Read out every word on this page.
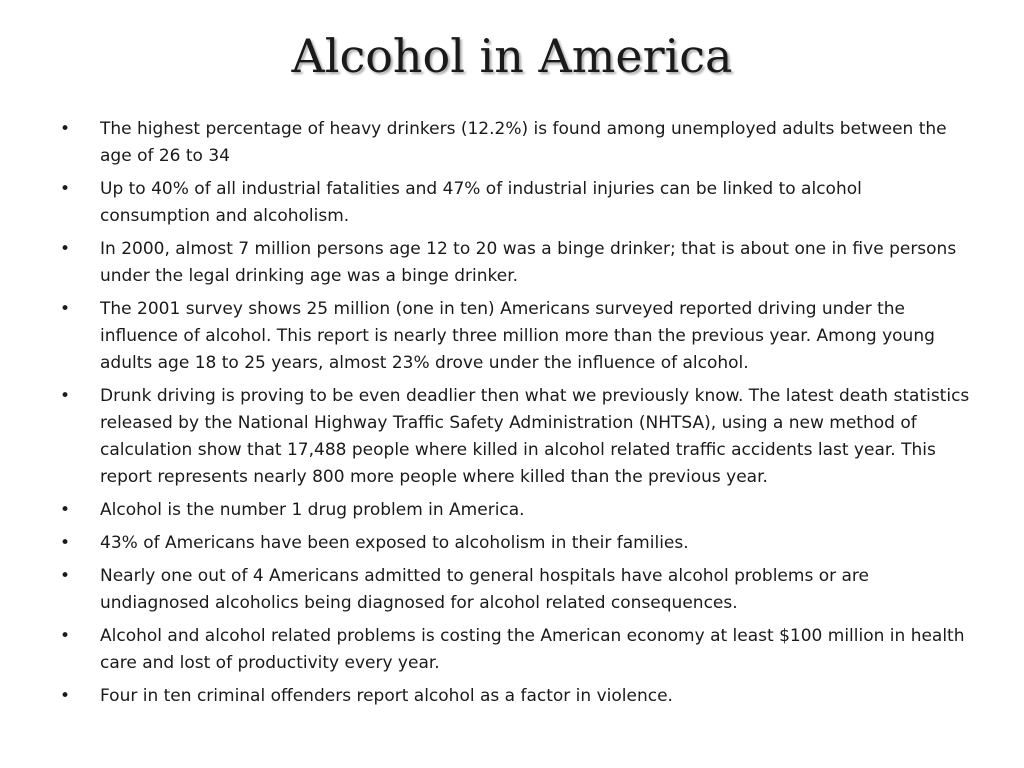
Alcohol in America
• The highest percentage of heavy drinkers (12.2%) is found among unemployed adults between the age of 26 to 34
• Up to 40% of all industrial fatalities and 47% of industrial injuries can be linked to alcohol consumption and alcoholism.
• In 2000, almost 7 million persons age 12 to 20 was a binge drinker; that is about one in five persons under the legal drinking age was a binge drinker.
• The 2001 survey shows 25 million (one in ten) Americans surveyed reported driving under the influence of alcohol. This report is nearly three million more than the previous year. Among young adults age 18 to 25 years, almost 23% drove under the influence of alcohol.
• Drunk driving is proving to be even deadlier then what we previously know. The latest death statistics released by the National Highway Traffic Safety Administration (NHTSA), using a new method of calculation show that 17,488 people where killed in alcohol related traffic accidents last year. This report represents nearly 800 more people where killed than the previous year.
• Alcohol is the number 1 drug problem in America.
• 43% of Americans have been exposed to alcoholism in their families.
• Nearly one out of 4 Americans admitted to general hospitals have alcohol problems or are undiagnosed alcoholics being diagnosed for alcohol related consequences.
• Alcohol and alcohol related problems is costing the American economy at least $100 million in health care and lost of productivity every year.
• Four in ten criminal offenders report alcohol as a factor in violence.
